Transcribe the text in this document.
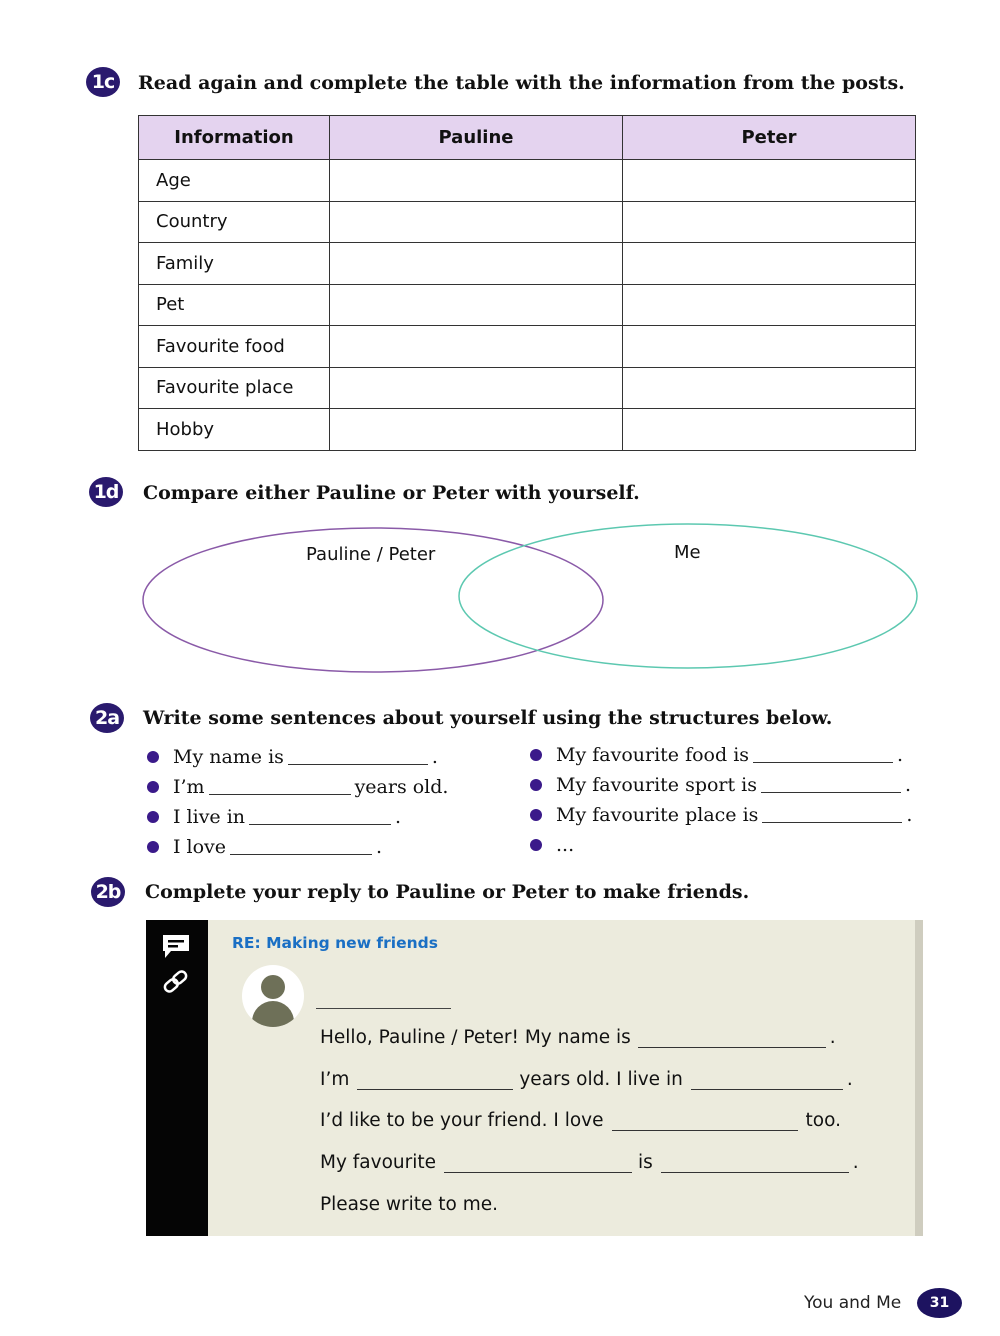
1c	Read again and complete the table with the information from the posts.
Information	Pauline	Peter
Age		
Country		
Family		
Pet		
Favourite food		
Favourite place		
Hobby		
1d Compare either Pauline or Peter with yourself.
Pauline / Peter	Me
2a Write some sentences about yourself using the structures below.
My name is	.
I’m	years old.
I live in	.
I love	.
My favourite food is	.
My favourite sport is	.
My favourite place is	.
...
2b Complete your reply to Pauline or Peter to make friends.
RE: Making new friends
Hello, Pauline / Peter! My name is	.
I’m	years old. I live in	.
I’d like to be your friend. I love	too.
My favourite	is	.
Please write to me.
You and Me	31
